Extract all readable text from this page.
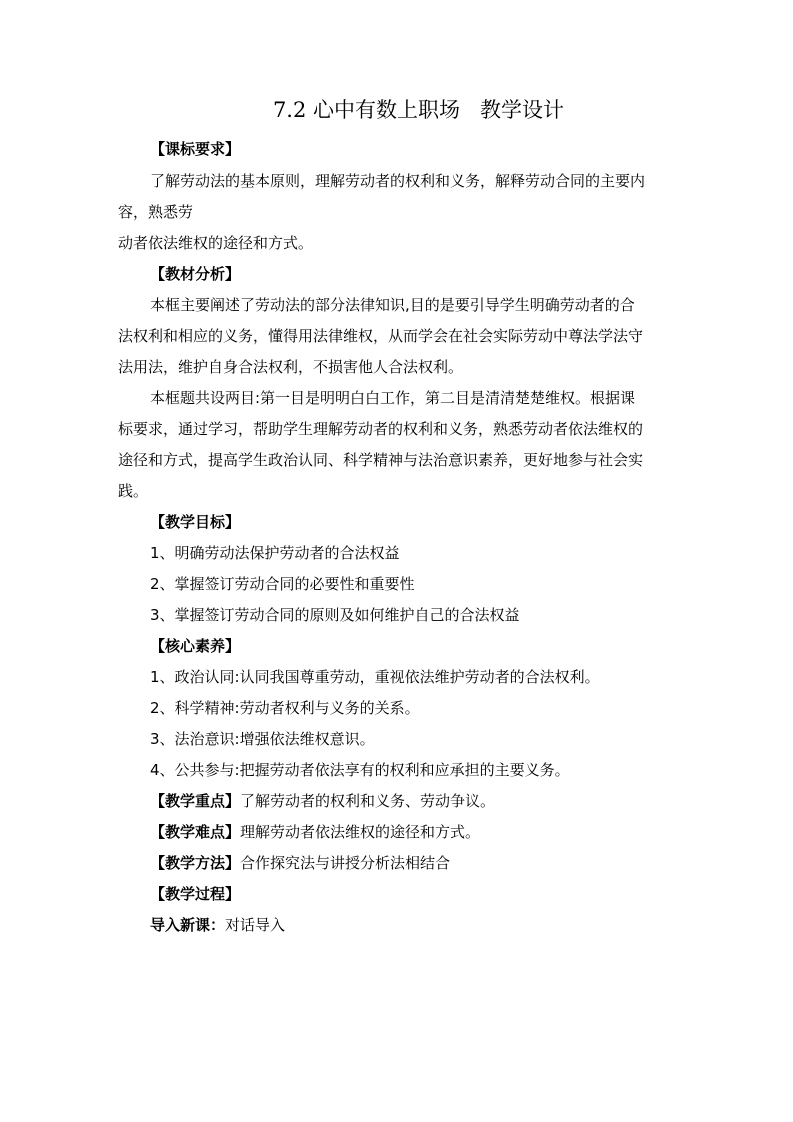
7.2 心中有数上职场   教学设计
【课标要求】
了解劳动法的基本原则，理解劳动者的权利和义务，解释劳动合同的主要内
容，熟悉劳
动者依法维权的途径和方式。
【教材分析】
本框主要阐述了劳动法的部分法律知识,目的是要引导学生明确劳动者的合
法权利和相应的义务，懂得用法律维权，从而学会在社会实际劳动中尊法学法守
法用法，维护自身合法权利，不损害他人合法权利。
本框题共设两目:第一目是明明白白工作，第二目是清清楚楚维权。根据课
标要求，通过学习，帮助学生理解劳动者的权利和义务，熟悉劳动者依法维权的
途径和方式，提高学生政治认同、科学精神与法治意识素养，更好地参与社会实
践。
【教学目标】
1、明确劳动法保护劳动者的合法权益
2、掌握签订劳动合同的必要性和重要性
3、掌握签订劳动合同的原则及如何维护自己的合法权益
【核心素养】
1、政治认同:认同我国尊重劳动，重视依法维护劳动者的合法权利。
2、科学精神:劳动者权利与义务的关系。
3、法治意识:增强依法维权意识。
4、公共参与:把握劳动者依法享有的权利和应承担的主要义务。
【教学重点】了解劳动者的权利和义务、劳动争议。
【教学难点】理解劳动者依法维权的途径和方式。
【教学方法】合作探究法与讲授分析法相结合
【教学过程】
导入新课：对话导入
